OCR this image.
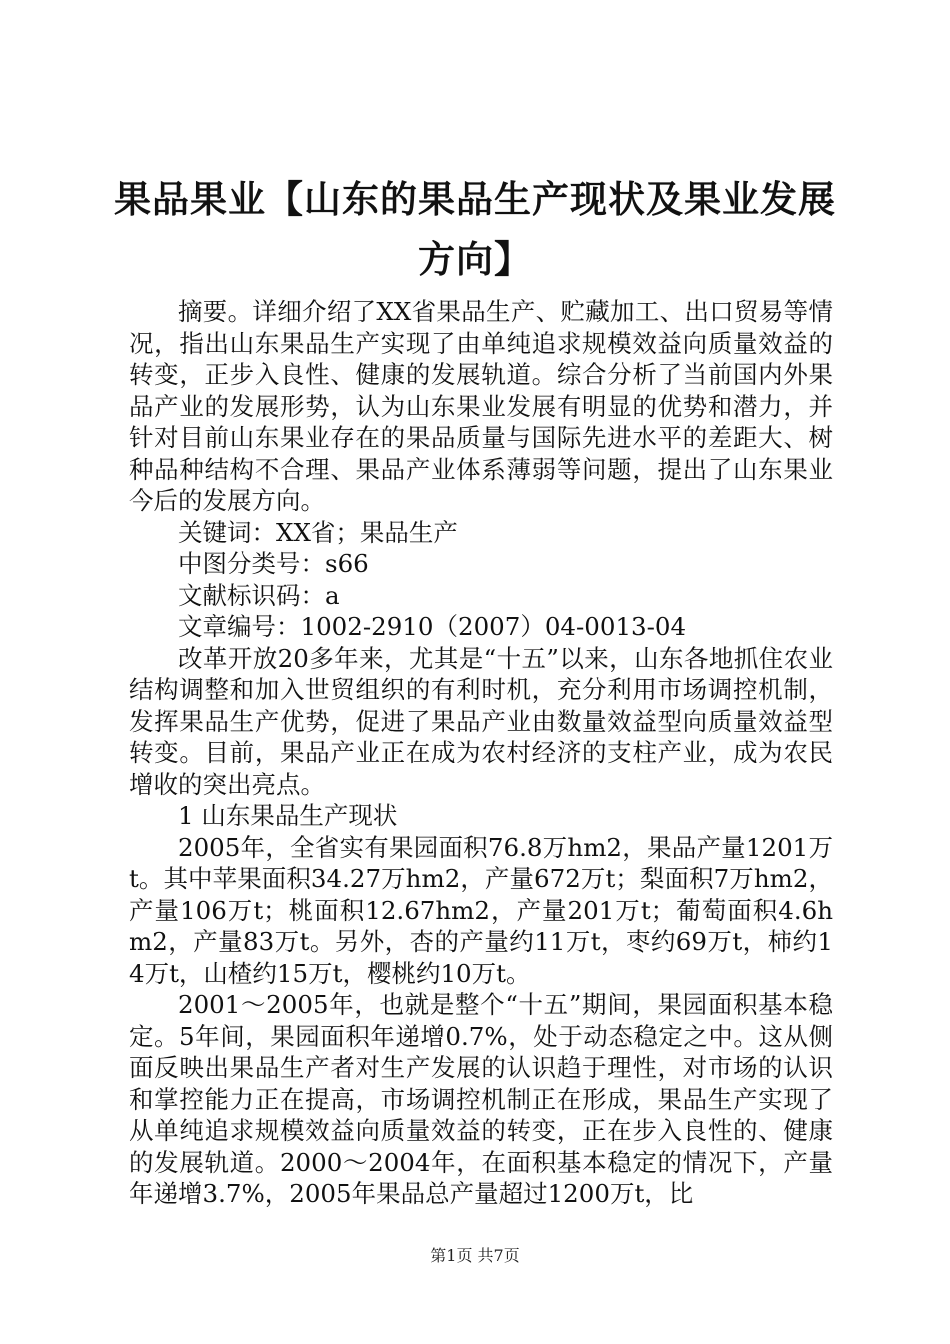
果品果业【山东的果品生产现状及果业发展方向】

摘要。详细介绍了XX省果品生产、贮藏加工、出口贸易等情况，指出山东果品生产实现了由单纯追求规模效益向质量效益的转变，正步入良性、健康的发展轨道。综合分析了当前国内外果品产业的发展形势，认为山东果业发展有明显的优势和潜力，并针对目前山东果业存在的果品质量与国际先进水平的差距大、树种品种结构不合理、果品产业体系薄弱等问题，提出了山东果业今后的发展方向。

关键词：XX省；果品生产

中图分类号：s66

文献标识码：a

文章编号：1002-2910（2007）04-0013-04

改革开放20多年来，尤其是“十五”以来，山东各地抓住农业结构调整和加入世贸组织的有利时机，充分利用市场调控机制，发挥果品生产优势，促进了果品产业由数量效益型向质量效益型转变。目前，果品产业正在成为农村经济的支柱产业，成为农民增收的突出亮点。

1 山东果品生产现状

2005年，全省实有果园面积76.8万hm2，果品产量1201万t。其中苹果面积34.27万hm2，产量672万t；梨面积7万hm2，产量106万t；桃面积12.67hm2，产量201万t；葡萄面积4.6hm2，产量83万t。另外，杏的产量约11万t，枣约69万t，柿约14万t，山楂约15万t，樱桃约10万t。

2001～2005年，也就是整个“十五”期间，果园面积基本稳定。5年间，果园面积年递增0.7%，处于动态稳定之中。这从侧面反映出果品生产者对生产发展的认识趋于理性，对市场的认识和掌控能力正在提高，市场调控机制正在形成，果品生产实现了从单纯追求规模效益向质量效益的转变，正在步入良性的、健康的发展轨道。2000～2004年，在面积基本稳定的情况下，产量年递增3.7%，2005年果品总产量超过1200万t，比

第1页 共7页
